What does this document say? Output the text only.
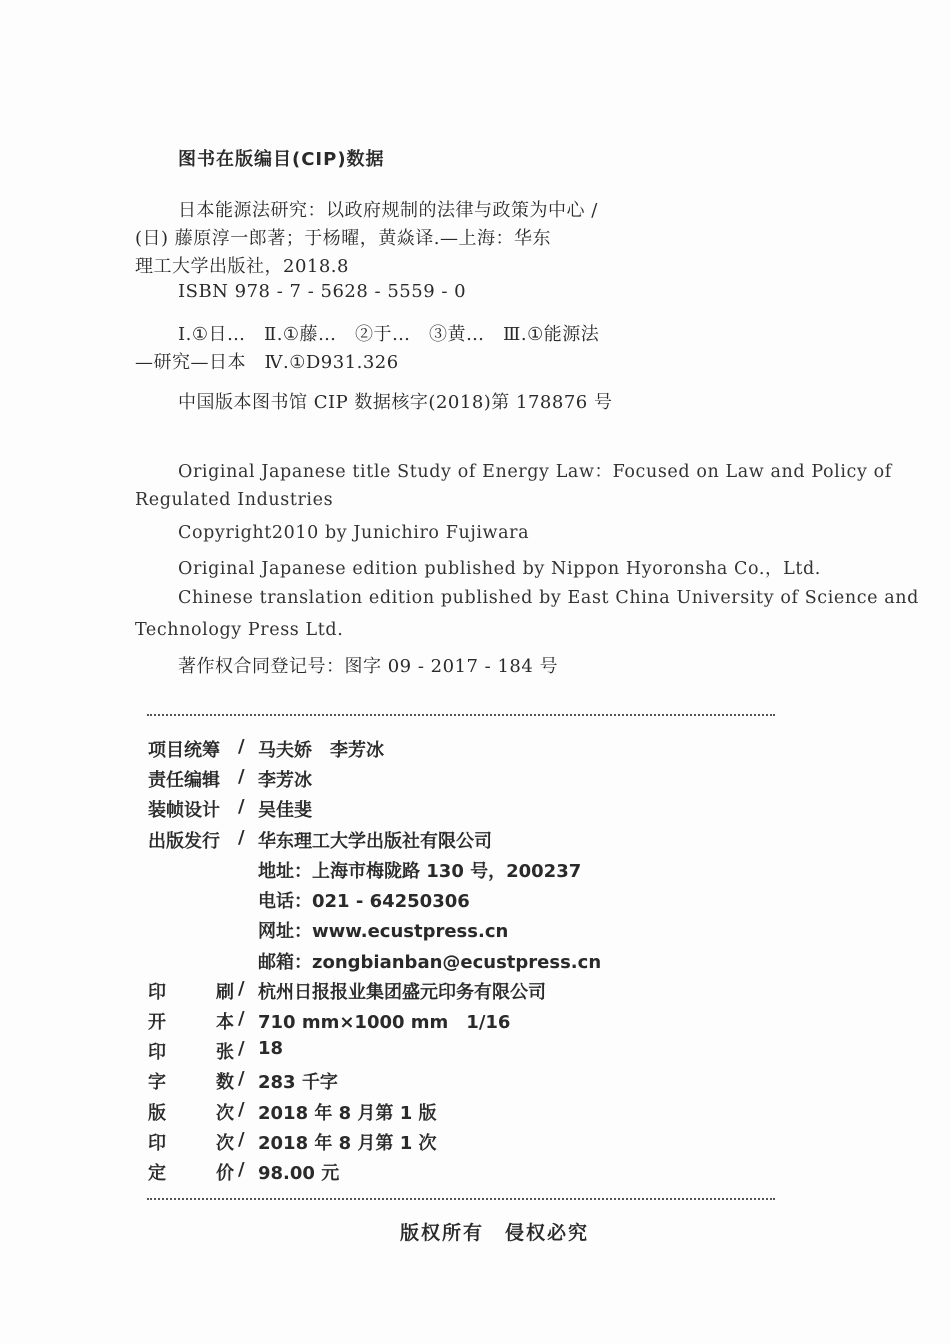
图书在版编目(CIP)数据
日本能源法研究：以政府规制的法律与政策为中心 /
(日) 藤原淳一郎著；于杨曜，黄焱译.—上海：华东
理工大学出版社，2018.8
ISBN 978 - 7 - 5628 - 5559 - 0
Ⅰ.①日…　Ⅱ.①藤…　②于…　③黄…　Ⅲ.①能源法
—研究—日本　Ⅳ.①D931.326
中国版本图书馆 CIP 数据核字(2018)第 178876 号
Original Japanese title Study of Energy Law：Focused on Law and Policy of
Regulated Industries
Copyright2010 by Junichiro Fujiwara
Original Japanese edition published by Nippon Hyoronsha Co.，Ltd.
Chinese translation edition published by East China University of Science and
Technology Press Ltd.
著作权合同登记号：图字 09 - 2017 - 184 号
项目统筹	/ 马夫娇　李芳冰
责任编辑	/ 李芳冰
装帧设计	/ 吴佳斐
出版发行	/ 华东理工大学出版社有限公司
地址：上海市梅陇路 130 号，200237
电话：021 - 64250306
网址：www.ecustpress.cn
邮箱：zongbianban@ecustpress.cn
印	刷 / 杭州日报报业集团盛元印务有限公司
开	本 / 710 mm×1000 mm　1/16
印	张 / 18
字	数 / 283 千字
版	次 / 2018 年 8 月第 1 版
印	次 / 2018 年 8 月第 1 次
定	价 / 98.00 元
版权所有　侵权必究
